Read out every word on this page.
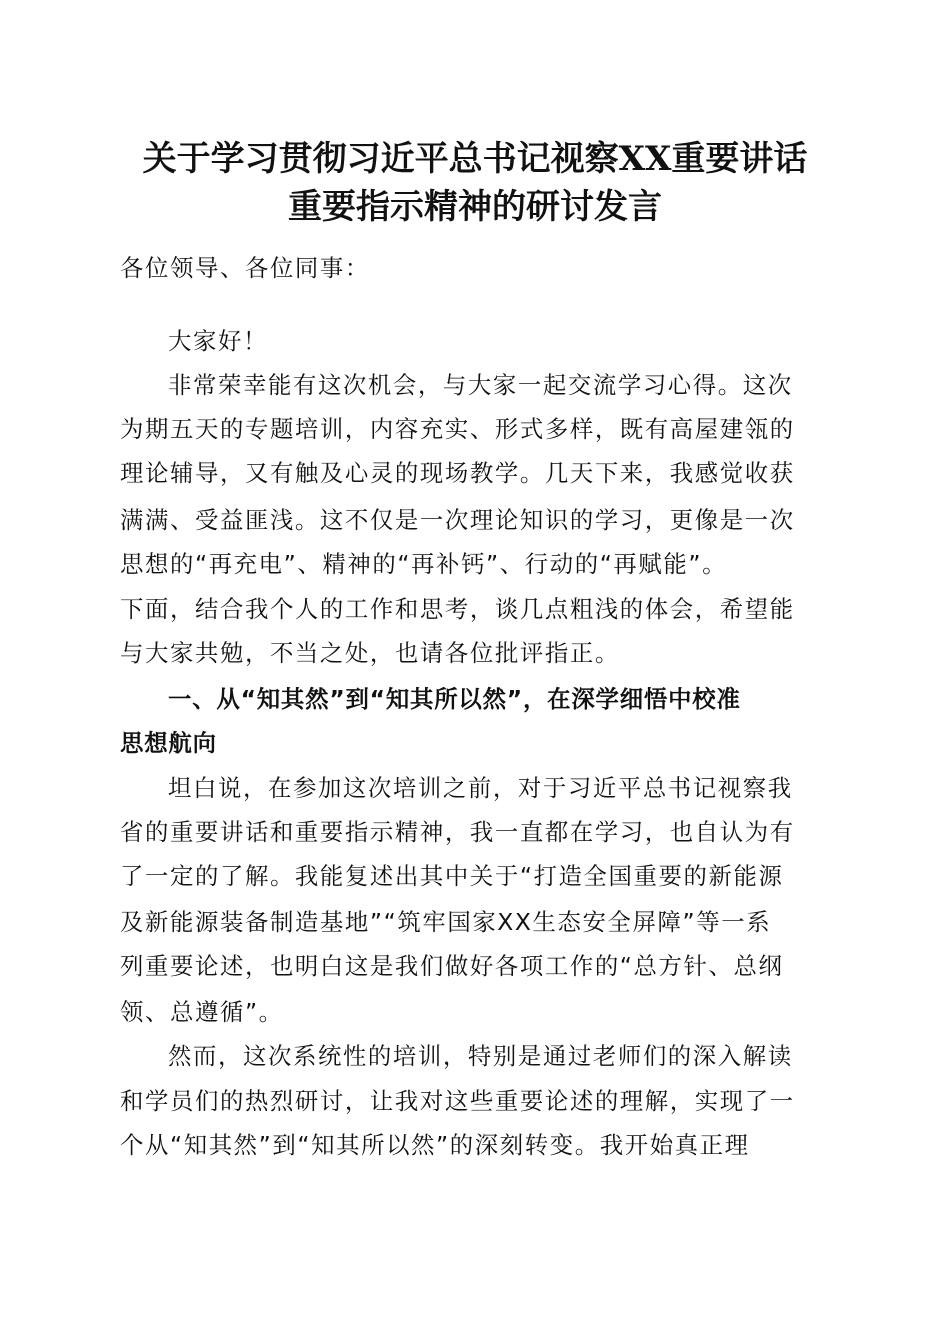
关于学习贯彻习近平总书记视察XX重要讲话
重要指示精神的研讨发言

各位领导、各位同事：

大家好！

非常荣幸能有这次机会，与大家一起交流学习心得。这次

为期五天的专题培训，内容充实、形式多样，既有高屋建瓴的

理论辅导，又有触及心灵的现场教学。几天下来，我感觉收获

满满、受益匪浅。这不仅是一次理论知识的学习，更像是一次

思想的“再充电”、精神的“再补钙”、行动的“再赋能”。

下面，结合我个人的工作和思考，谈几点粗浅的体会，希望能

与大家共勉，不当之处，也请各位批评指正。

一、从“知其然”到“知其所以然”，在深学细悟中校准

思想航向

坦白说，在参加这次培训之前，对于习近平总书记视察我

省的重要讲话和重要指示精神，我一直都在学习，也自认为有

了一定的了解。我能复述出其中关于“打造全国重要的新能源

及新能源装备制造基地”“筑牢国家XX生态安全屏障”等一系

列重要论述，也明白这是我们做好各项工作的“总方针、总纲

领、总遵循”。

然而，这次系统性的培训，特别是通过老师们的深入解读

和学员们的热烈研讨，让我对这些重要论述的理解，实现了一

个从“知其然”到“知其所以然”的深刻转变。我开始真正理
